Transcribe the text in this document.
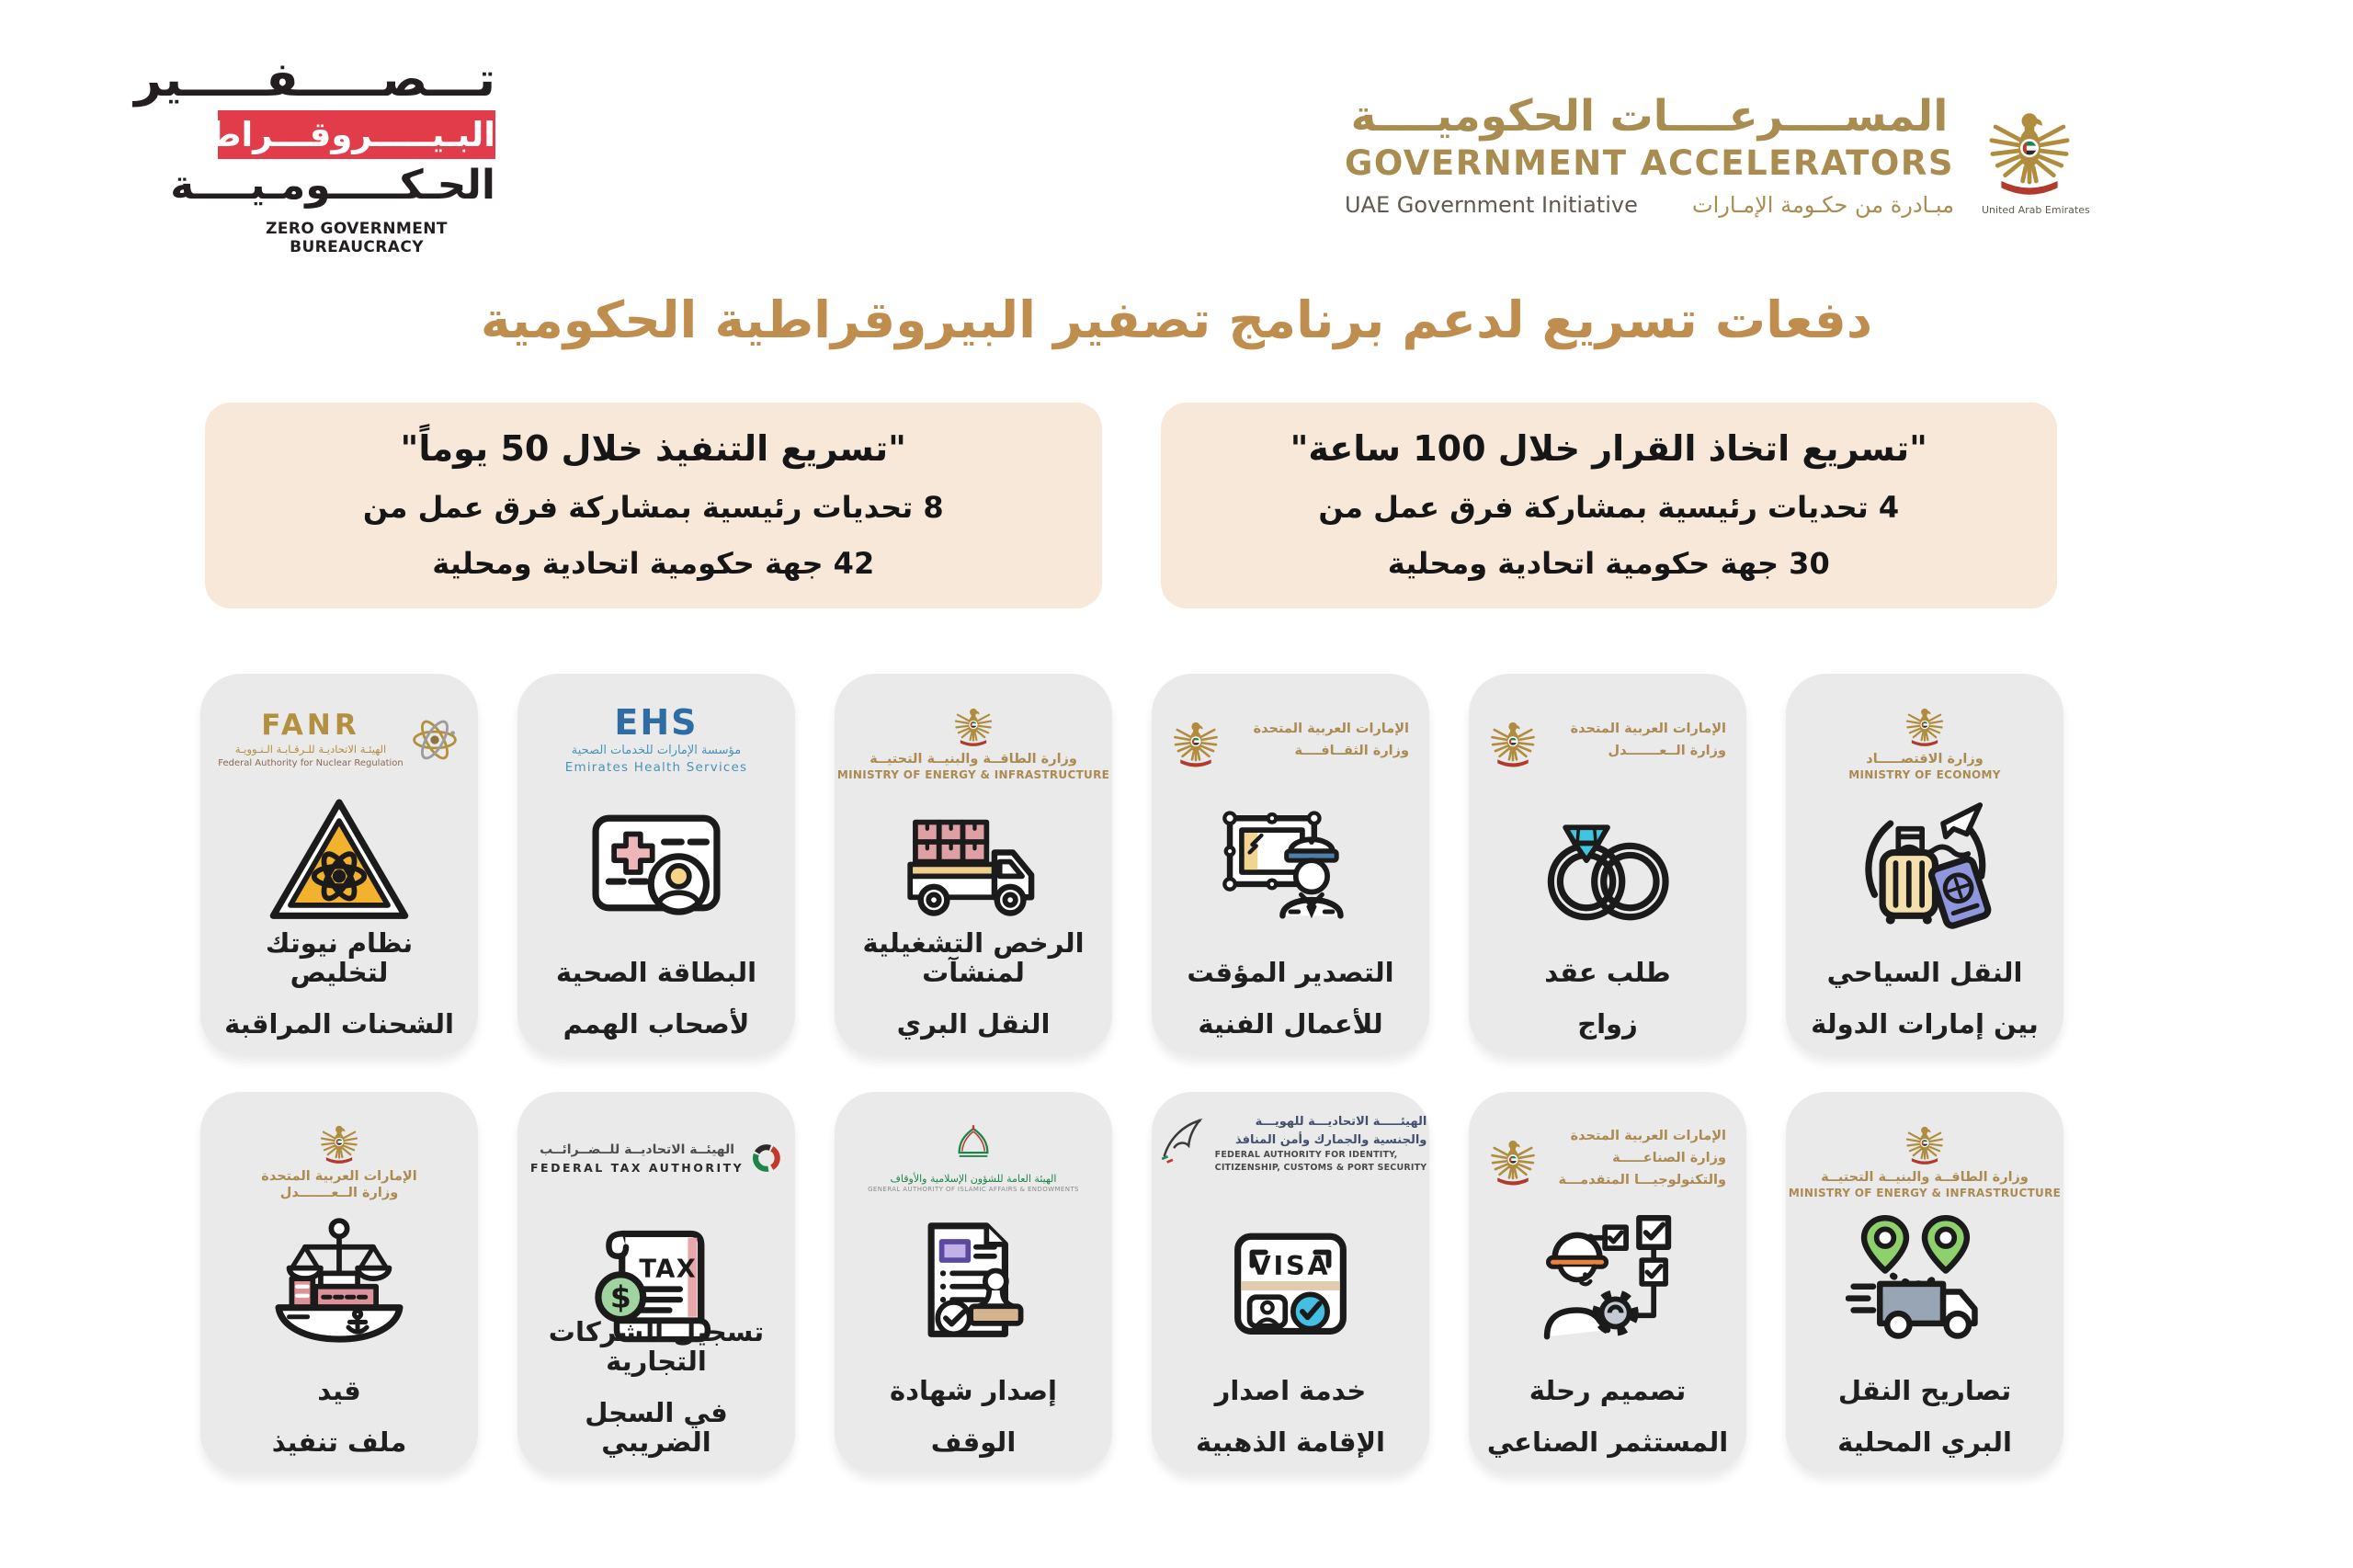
تـــصـــــفـــــير
البـيـــــروقـــراطـيـــة
الحـكـــــومـيــــة
ZERO GOVERNMENT BUREAUCRACY
المســــرعــــات الحكوميــــة
GOVERNMENT ACCELERATORS
UAE Government Initiative مبـادرة من حكـومة الإمـارات	United Arab Emirates
دفعات تسريع لدعم برنامج تصفير البيروقراطية الحكومية
"تسريع التنفيذ خلال 50 يوماً"
8 تحديات رئيسية بمشاركة فرق عمل من
42 جهة حكومية اتحادية ومحلية
"تسريع اتخاذ القرار خلال 100 ساعة"
4 تحديات رئيسية بمشاركة فرق عمل من
30 جهة حكومية اتحادية ومحلية
FANR
الهيئـة الاتحاديـة للـرقـابـة الـنـوويـة
Federal Authority for Nuclear Regulation
نظام نيوتك لتخليص
الشحنات المراقبة
EHS
مؤسسة الإمارات للخدمات الصحية
Emirates Health Services
البطاقة الصحية
لأصحاب الهمم
وزارة الطاقــة والبنيــة التحتيــة
MINISTRY OF ENERGY & INFRASTRUCTURE
الرخص التشغيلية لمنشآت
النقل البري
الإمارات العربية المتحدة
وزارة الثقــافــــة
التصدير المؤقت
للأعمال الفنية
الإمارات العربية المتحدة
وزارة الــعـــــــدل
طلب عقد
زواج
وزارة الاقتصـــــاد
MINISTRY OF ECONOMY
النقل السياحي
بين إمارات الدولة
الإمارات العربية المتحدة
وزارة الــعـــــــدل
قيد
ملف تنفيذ
الهيئــة الاتحاديــة للــضــرائــب
FEDERAL TAX AUTHORITY
تسجيل الشركات التجارية
في السجل الضريبي
الهيئة العامة للشؤون الإسلامية والأوقاف
GENERAL AUTHORITY OF ISLAMIC AFFAIRS & ENDOWMENTS
إصدار شهادة
الوقف
الهيئـــــة الاتحاديـــة للهويـــة
والجنسية والجمارك وأمن المنافذ
FEDERAL AUTHORITY FOR IDENTITY,
CITIZENSHIP, CUSTOMS & PORT SECURITY
خدمة اصدار
الإقامة الذهبية
الإمارات العربية المتحدة
وزارة الصناعـــــة
والتكنولوجيـــا المتقدمـــة
تصميم رحلة
المستثمر الصناعي
وزارة الطاقــة والبنيــة التحتيــة
MINISTRY OF ENERGY & INFRASTRUCTURE
تصاريح النقل
البري المحلية
